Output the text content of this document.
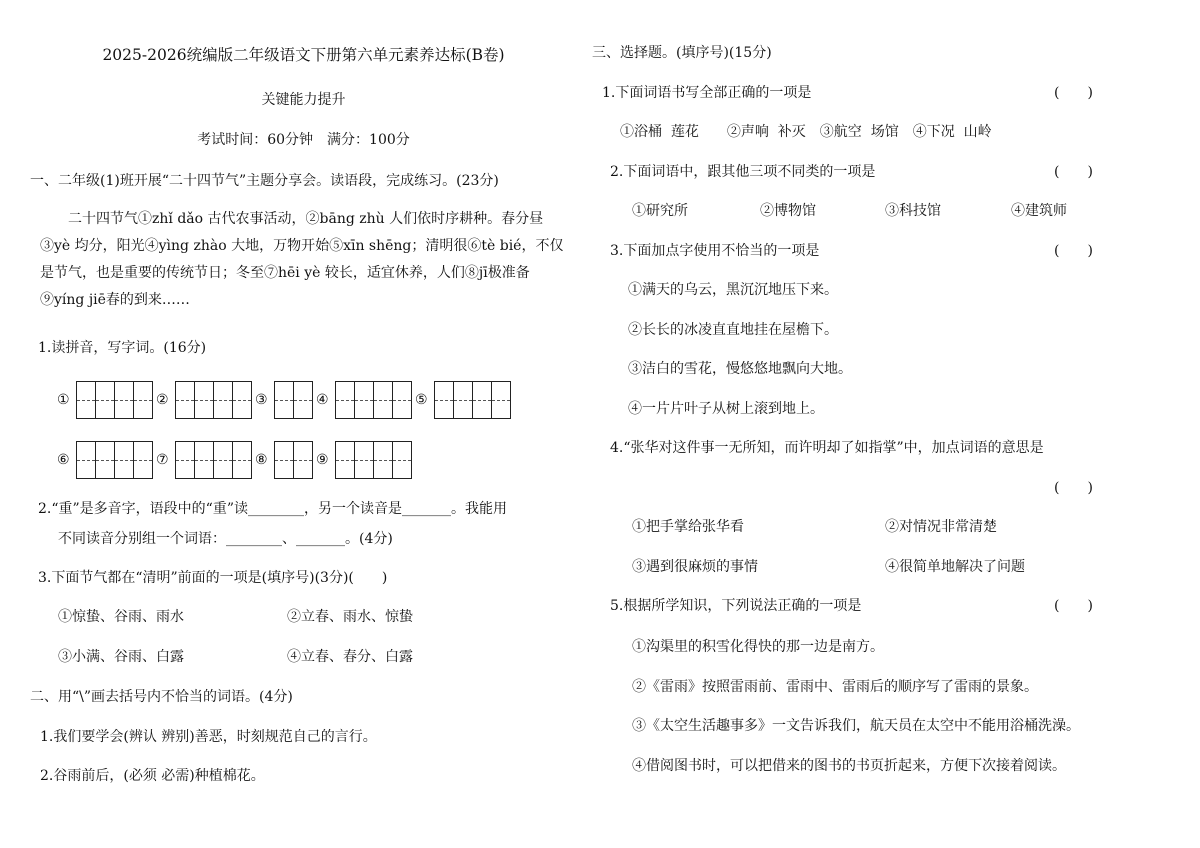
2025-2026统编版二年级语文下册第六单元素养达标(B卷)
关键能力提升
考试时间：60分钟　满分：100分
一、二年级(1)班开展“二十四节气”主题分享会。读语段，完成练习。(23分)
二十四节气①zhǐ dǎo 古代农事活动，②bāng zhù 人们依时序耕种。春分昼③yè 均分，阳光④yìng zhào 大地，万物开始⑤xīn shēng；清明很⑥tè bié，不仅是节气，也是重要的传统节日；冬至⑦hēi yè 较长，适宜休养，人们⑧jī极准备⑨yíng jiē春的到来……
1.读拼音，写字词。(16分)
①	②	③	④	⑤
⑥	⑦	⑧	⑨
2.“重”是多音字，语段中的“重”读________，另一个读音是_______。我能用
不同读音分别组一个词语：________、_______。(4分)
3.下面节气都在“清明”前面的一项是(填序号)(3分)(　　)
①惊蛰、谷雨、雨水	②立春、雨水、惊蛰
③小满、谷雨、白露	④立春、春分、白露
二、用“\”画去括号内不恰当的词语。(4分)
1.我们要学会(辨认 辨别)善恶，时刻规范自己的言行。
2.谷雨前后，(必须 必需)种植棉花。
三、选择题。(填序号)(15分)
1.下面词语书写全部正确的一项是	(　　)
①浴桶  莲花　　②声响  补灭　③航空  场馆　④下况  山岭
2.下面词语中，跟其他三项不同类的一项是	(　　)
①研究所	②博物馆	③科技馆	④建筑师
3.下面加点字使用不恰当的一项是	(　　)
①满天的乌云，黑沉沉地压下来。
②长长的冰凌直直地挂在屋檐下。
③洁白的雪花，慢悠悠地飘向大地。
④一片片叶子从树上滚到地上。
4.“张华对这件事一无所知，而许明却了如指掌”中，加点词语的意思是
(　　)
①把手掌给张华看	②对情况非常清楚
③遇到很麻烦的事情	④很简单地解决了问题
5.根据所学知识，下列说法正确的一项是	(　　)
①沟渠里的积雪化得快的那一边是南方。
②《雷雨》按照雷雨前、雷雨中、雷雨后的顺序写了雷雨的景象。
③《太空生活趣事多》一文告诉我们，航天员在太空中不能用浴桶洗澡。
④借阅图书时，可以把借来的图书的书页折起来，方便下次接着阅读。
